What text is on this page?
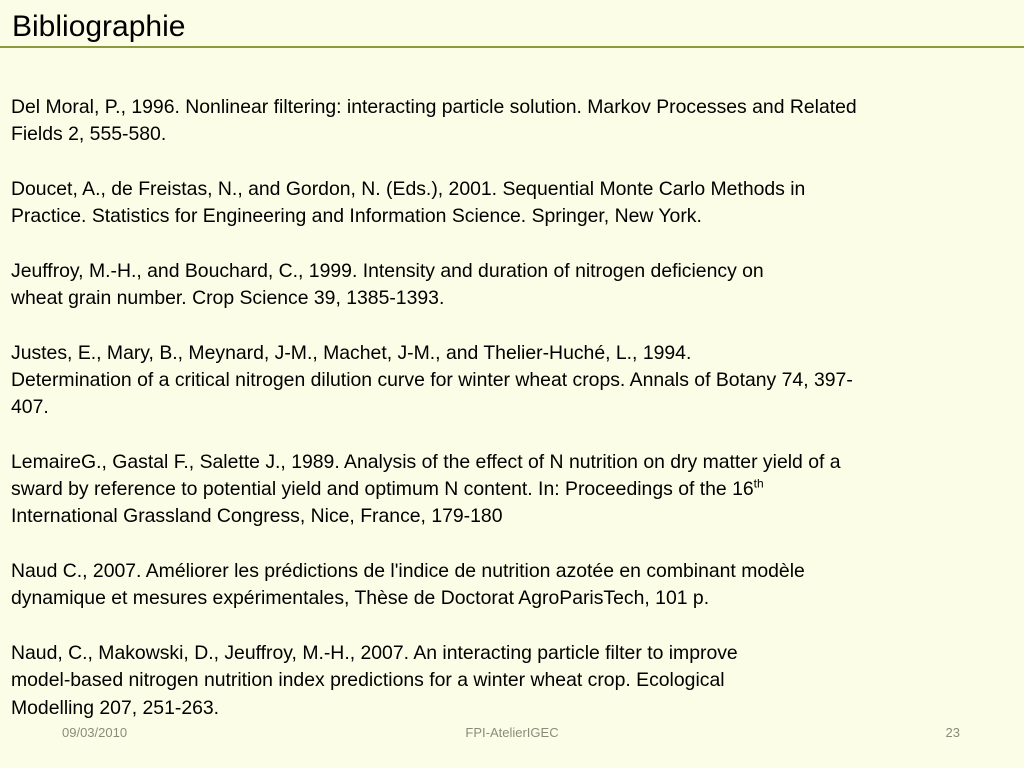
Bibliographie
Del Moral, P., 1996. Nonlinear filtering: interacting particle solution. Markov Processes and Related
Fields 2, 555-580.
Doucet, A., de Freistas, N., and Gordon, N. (Eds.), 2001. Sequential Monte Carlo Methods in
Practice. Statistics for Engineering and Information Science. Springer, New York.
Jeuffroy, M.-H., and Bouchard, C., 1999. Intensity and duration of nitrogen deficiency on
wheat grain number. Crop Science 39, 1385-1393.
Justes, E., Mary, B., Meynard, J-M., Machet, J-M., and Thelier-Huché, L., 1994.
Determination of a critical nitrogen dilution curve for winter wheat crops. Annals of Botany 74, 397-
407.
LemaireG., Gastal F., Salette J., 1989. Analysis of the effect of N nutrition on dry matter yield of a
sward by reference to potential yield and optimum N content. In: Proceedings of the 16th
International Grassland Congress, Nice, France, 179-180
Naud C., 2007. Améliorer les prédictions de l'indice de nutrition azotée en combinant modèle
dynamique et mesures expérimentales, Thèse de Doctorat AgroParisTech, 101 p.
Naud, C., Makowski, D., Jeuffroy, M.-H., 2007. An interacting particle filter to improve
model-based nitrogen nutrition index predictions for a winter wheat crop. Ecological
Modelling 207, 251-263.
09/03/2010	FPI-AtelierIGEC	23
